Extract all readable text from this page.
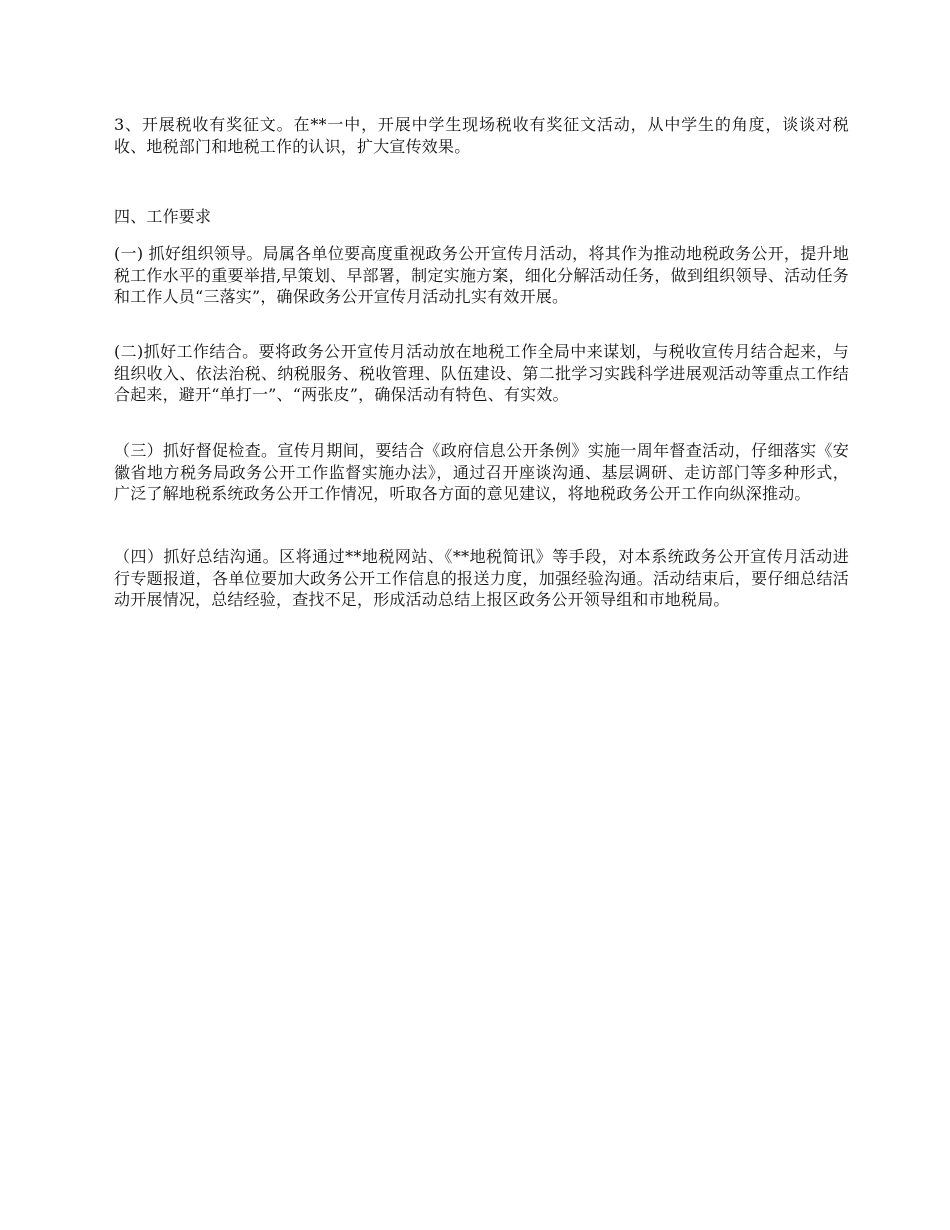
3、开展税收有奖征文。在**一中，开展中学生现场税收有奖征文活动，从中学生的角度，谈谈对税收、地税部门和地税工作的认识，扩大宣传效果。

四、工作要求

(一) 抓好组织领导。局属各单位要高度重视政务公开宣传月活动，将其作为推动地税政务公开，提升地税工作水平的重要举措,早策划、早部署，制定实施方案，细化分解活动任务，做到组织领导、活动任务和工作人员“三落实”，确保政务公开宣传月活动扎实有效开展。

(二)抓好工作结合。要将政务公开宣传月活动放在地税工作全局中来谋划，与税收宣传月结合起来，与组织收入、依法治税、纳税服务、税收管理、队伍建设、第二批学习实践科学进展观活动等重点工作结合起来，避开“单打一”、“两张皮”，确保活动有特色、有实效。

（三）抓好督促检查。宣传月期间，要结合《政府信息公开条例》实施一周年督查活动，仔细落实《安徽省地方税务局政务公开工作监督实施办法》，通过召开座谈沟通、基层调研、走访部门等多种形式，广泛了解地税系统政务公开工作情况，听取各方面的意见建议，将地税政务公开工作向纵深推动。

（四）抓好总结沟通。区将通过**地税网站、《**地税简讯》等手段，对本系统政务公开宣传月活动进行专题报道，各单位要加大政务公开工作信息的报送力度，加强经验沟通。活动结束后，要仔细总结活动开展情况，总结经验，查找不足，形成活动总结上报区政务公开领导组和市地税局。
